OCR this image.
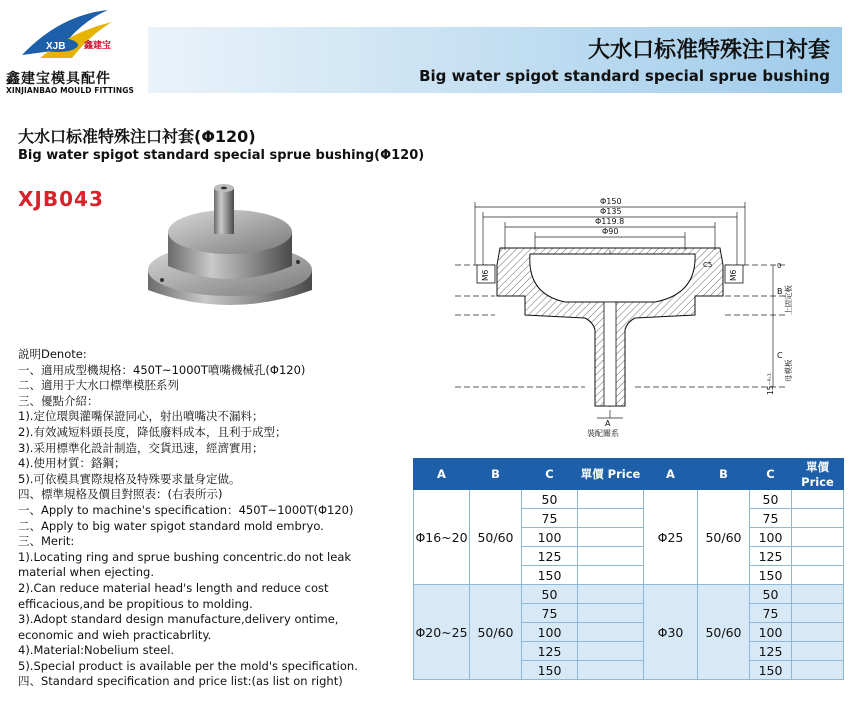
XJB 鑫建宝
鑫建宝模具配件
XINJIANBAO MOULD FITTINGS
大水口标准特殊注口衬套
Big water spigot standard special sprue bushing
大水口标准特殊注口衬套(Φ120)
Big water spigot standard special sprue bushing(Φ120)
XJB043	Φ150
Φ135
Φ119.8
Φ90
C5
A
裝配關系
B
0
C
M6	M6
上固定板
母模板
15⁻⁰·¹
説明Denote:
一、適用成型機規格：450T~1000T噴嘴機械孔(Φ120)
二、適用于大水口標準模胚系列
三、優點介紹：
1).定位環與灌嘴保證同心，射出噴嘴决不漏料；
2).有效减短料頭長度，降低廢料成本，且利于成型；
3).采用標準化設計制造，交貨迅速，經濟實用；
4).使用材質：鉻鋼；
5).可依模具實際規格及特殊要求量身定做。
四、標準規格及價目對照表：(右表所示)
一、Apply to machine's specification：450T~1000T(Φ120)
二、Apply to big water spigot standard mold embryo.
三、Merit:
1).Locating ring and sprue bushing concentric.do not leak
material when ejecting.
2).Can reduce material head's length and reduce cost
efficacious,and be propitious to molding.
3).Adopt standard design manufacture,delivery ontime,
economic and wieh practicabrlity.
4).Material:Nobelium steel.
5).Special product is available per the mold's specification.
四、Standard specification and price list:(as list on right)
A	B	C	單價 Price	A	B	C	單價 Price
Φ16~20	50/60	50		Φ25	50/60	50	
		75				75	
		100				100	
		125				125	
		150				150	
Φ20~25	50/60	50		Φ30	50/60	50	
		75				75	
		100				100	
		125				125	
		150				150	
